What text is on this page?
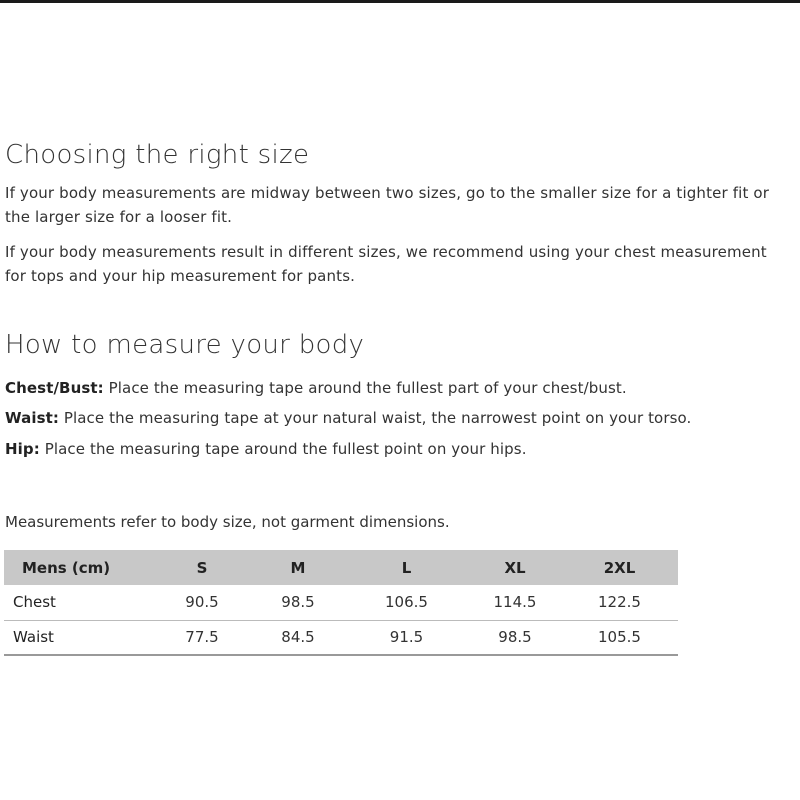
Choosing the right size
If your body measurements are midway between two sizes, go to the smaller size for a tighter fit or the larger size for a looser fit.
If your body measurements result in different sizes, we recommend using your chest measurement for tops and your hip measurement for pants.
How to measure your body
Chest/Bust: Place the measuring tape around the fullest part of your chest/bust.
Waist: Place the measuring tape at your natural waist, the narrowest point on your torso.
Hip: Place the measuring tape around the fullest point on your hips.
Measurements refer to body size, not garment dimensions.
Mens (cm)	S	M	L	XL	2XL
Chest	90.5	98.5	106.5	114.5	122.5
Waist	77.5	84.5	91.5	98.5	105.5
